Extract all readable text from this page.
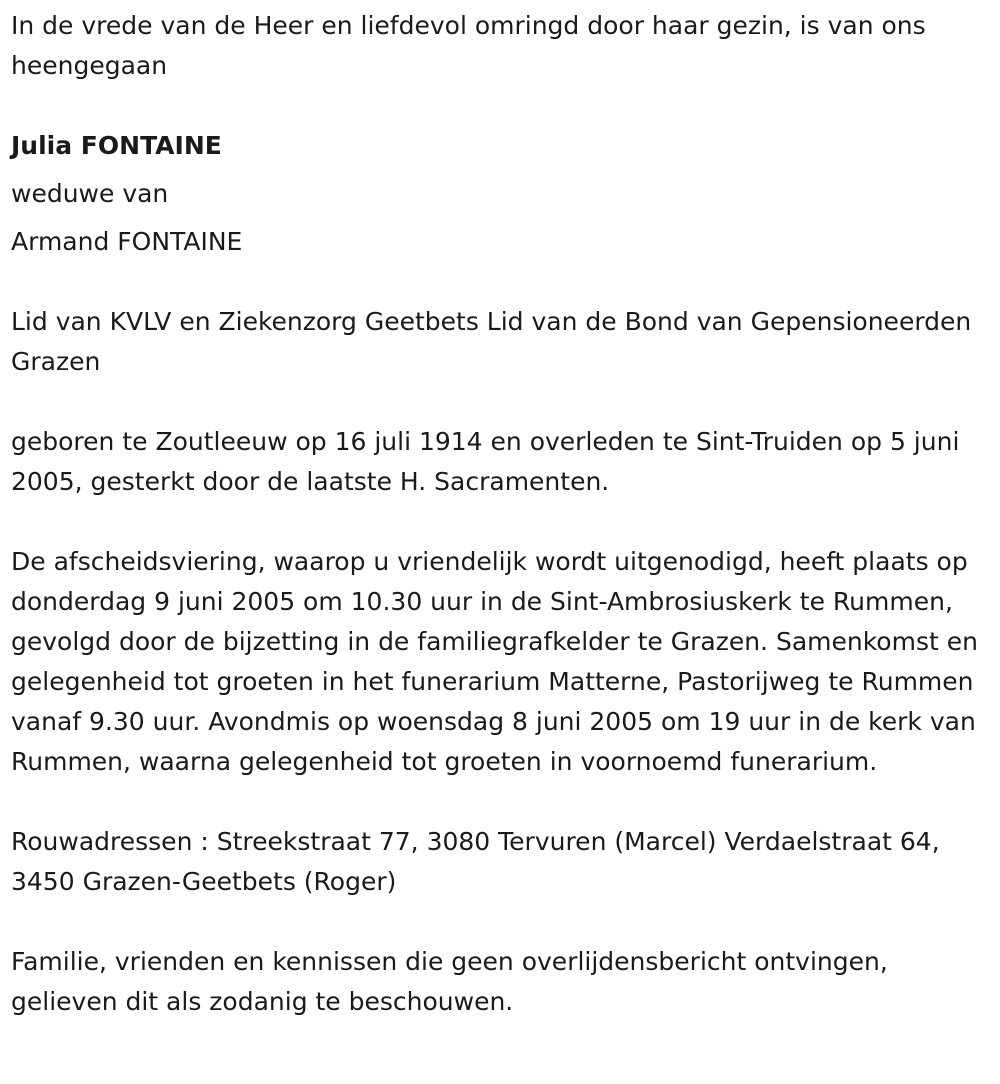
In de vrede van de Heer en liefdevol omringd door haar gezin, is van ons heengegaan

Julia FONTAINE

weduwe van

Armand FONTAINE

Lid van KVLV en Ziekenzorg Geetbets Lid van de Bond van Gepensioneerden Grazen

geboren te Zoutleeuw op 16 juli 1914 en overleden te Sint-Truiden op 5 juni 2005, gesterkt door de laatste H. Sacramenten.

De afscheidsviering, waarop u vriendelijk wordt uitgenodigd, heeft plaats op donderdag 9 juni 2005 om 10.30 uur in de Sint-Ambrosiuskerk te Rummen, gevolgd door de bijzetting in de familiegrafkelder te Grazen. Samenkomst en gelegenheid tot groeten in het funerarium Matterne, Pastorijweg te Rummen vanaf 9.30 uur. Avondmis op woensdag 8 juni 2005 om 19 uur in de kerk van Rummen, waarna gelegenheid tot groeten in voornoemd funerarium.

Rouwadressen : Streekstraat 77, 3080 Tervuren (Marcel) Verdaelstraat 64, 3450 Grazen-Geetbets (Roger)

Familie, vrienden en kennissen die geen overlijdensbericht ontvingen, gelieven dit als zodanig te beschouwen.
